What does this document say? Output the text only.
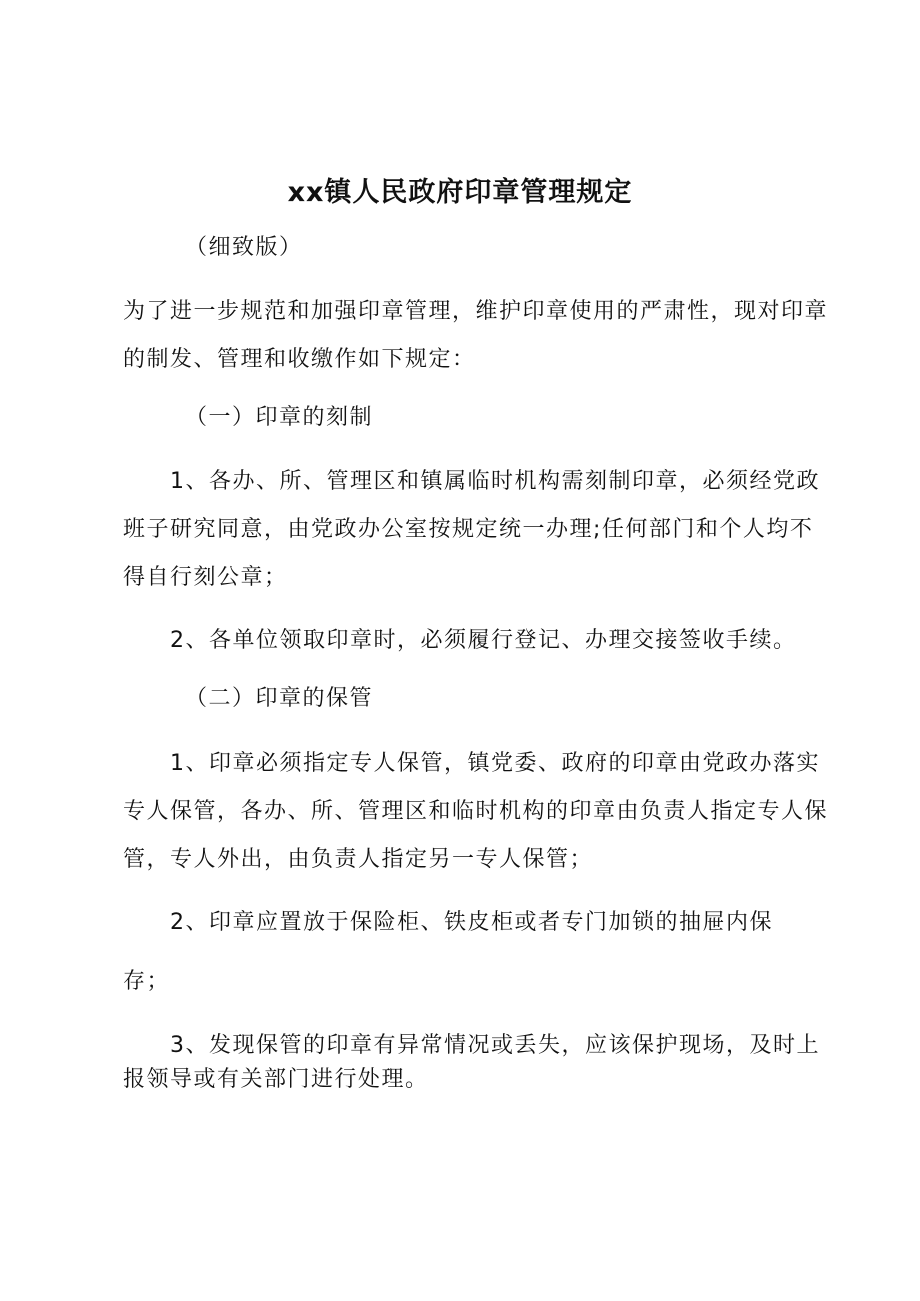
xx镇人民政府印章管理规定
（细致版）
为了进一步规范和加强印章管理，维护印章使用的严肃性，现对印章
的制发、管理和收缴作如下规定：
（一）印章的刻制
1、各办、所、管理区和镇属临时机构需刻制印章，必须经党政
班子研究同意，由党政办公室按规定统一办理;任何部门和个人均不
得自行刻公章；
2、各单位领取印章时，必须履行登记、办理交接签收手续。
（二）印章的保管
1、印章必须指定专人保管，镇党委、政府的印章由党政办落实
专人保管，各办、所、管理区和临时机构的印章由负责人指定专人保
管，专人外出，由负责人指定另一专人保管；
2、印章应置放于保险柜、铁皮柜或者专门加锁的抽屉内保
存；
3、发现保管的印章有异常情况或丢失，应该保护现场，及时上
报领导或有关部门进行处理。
